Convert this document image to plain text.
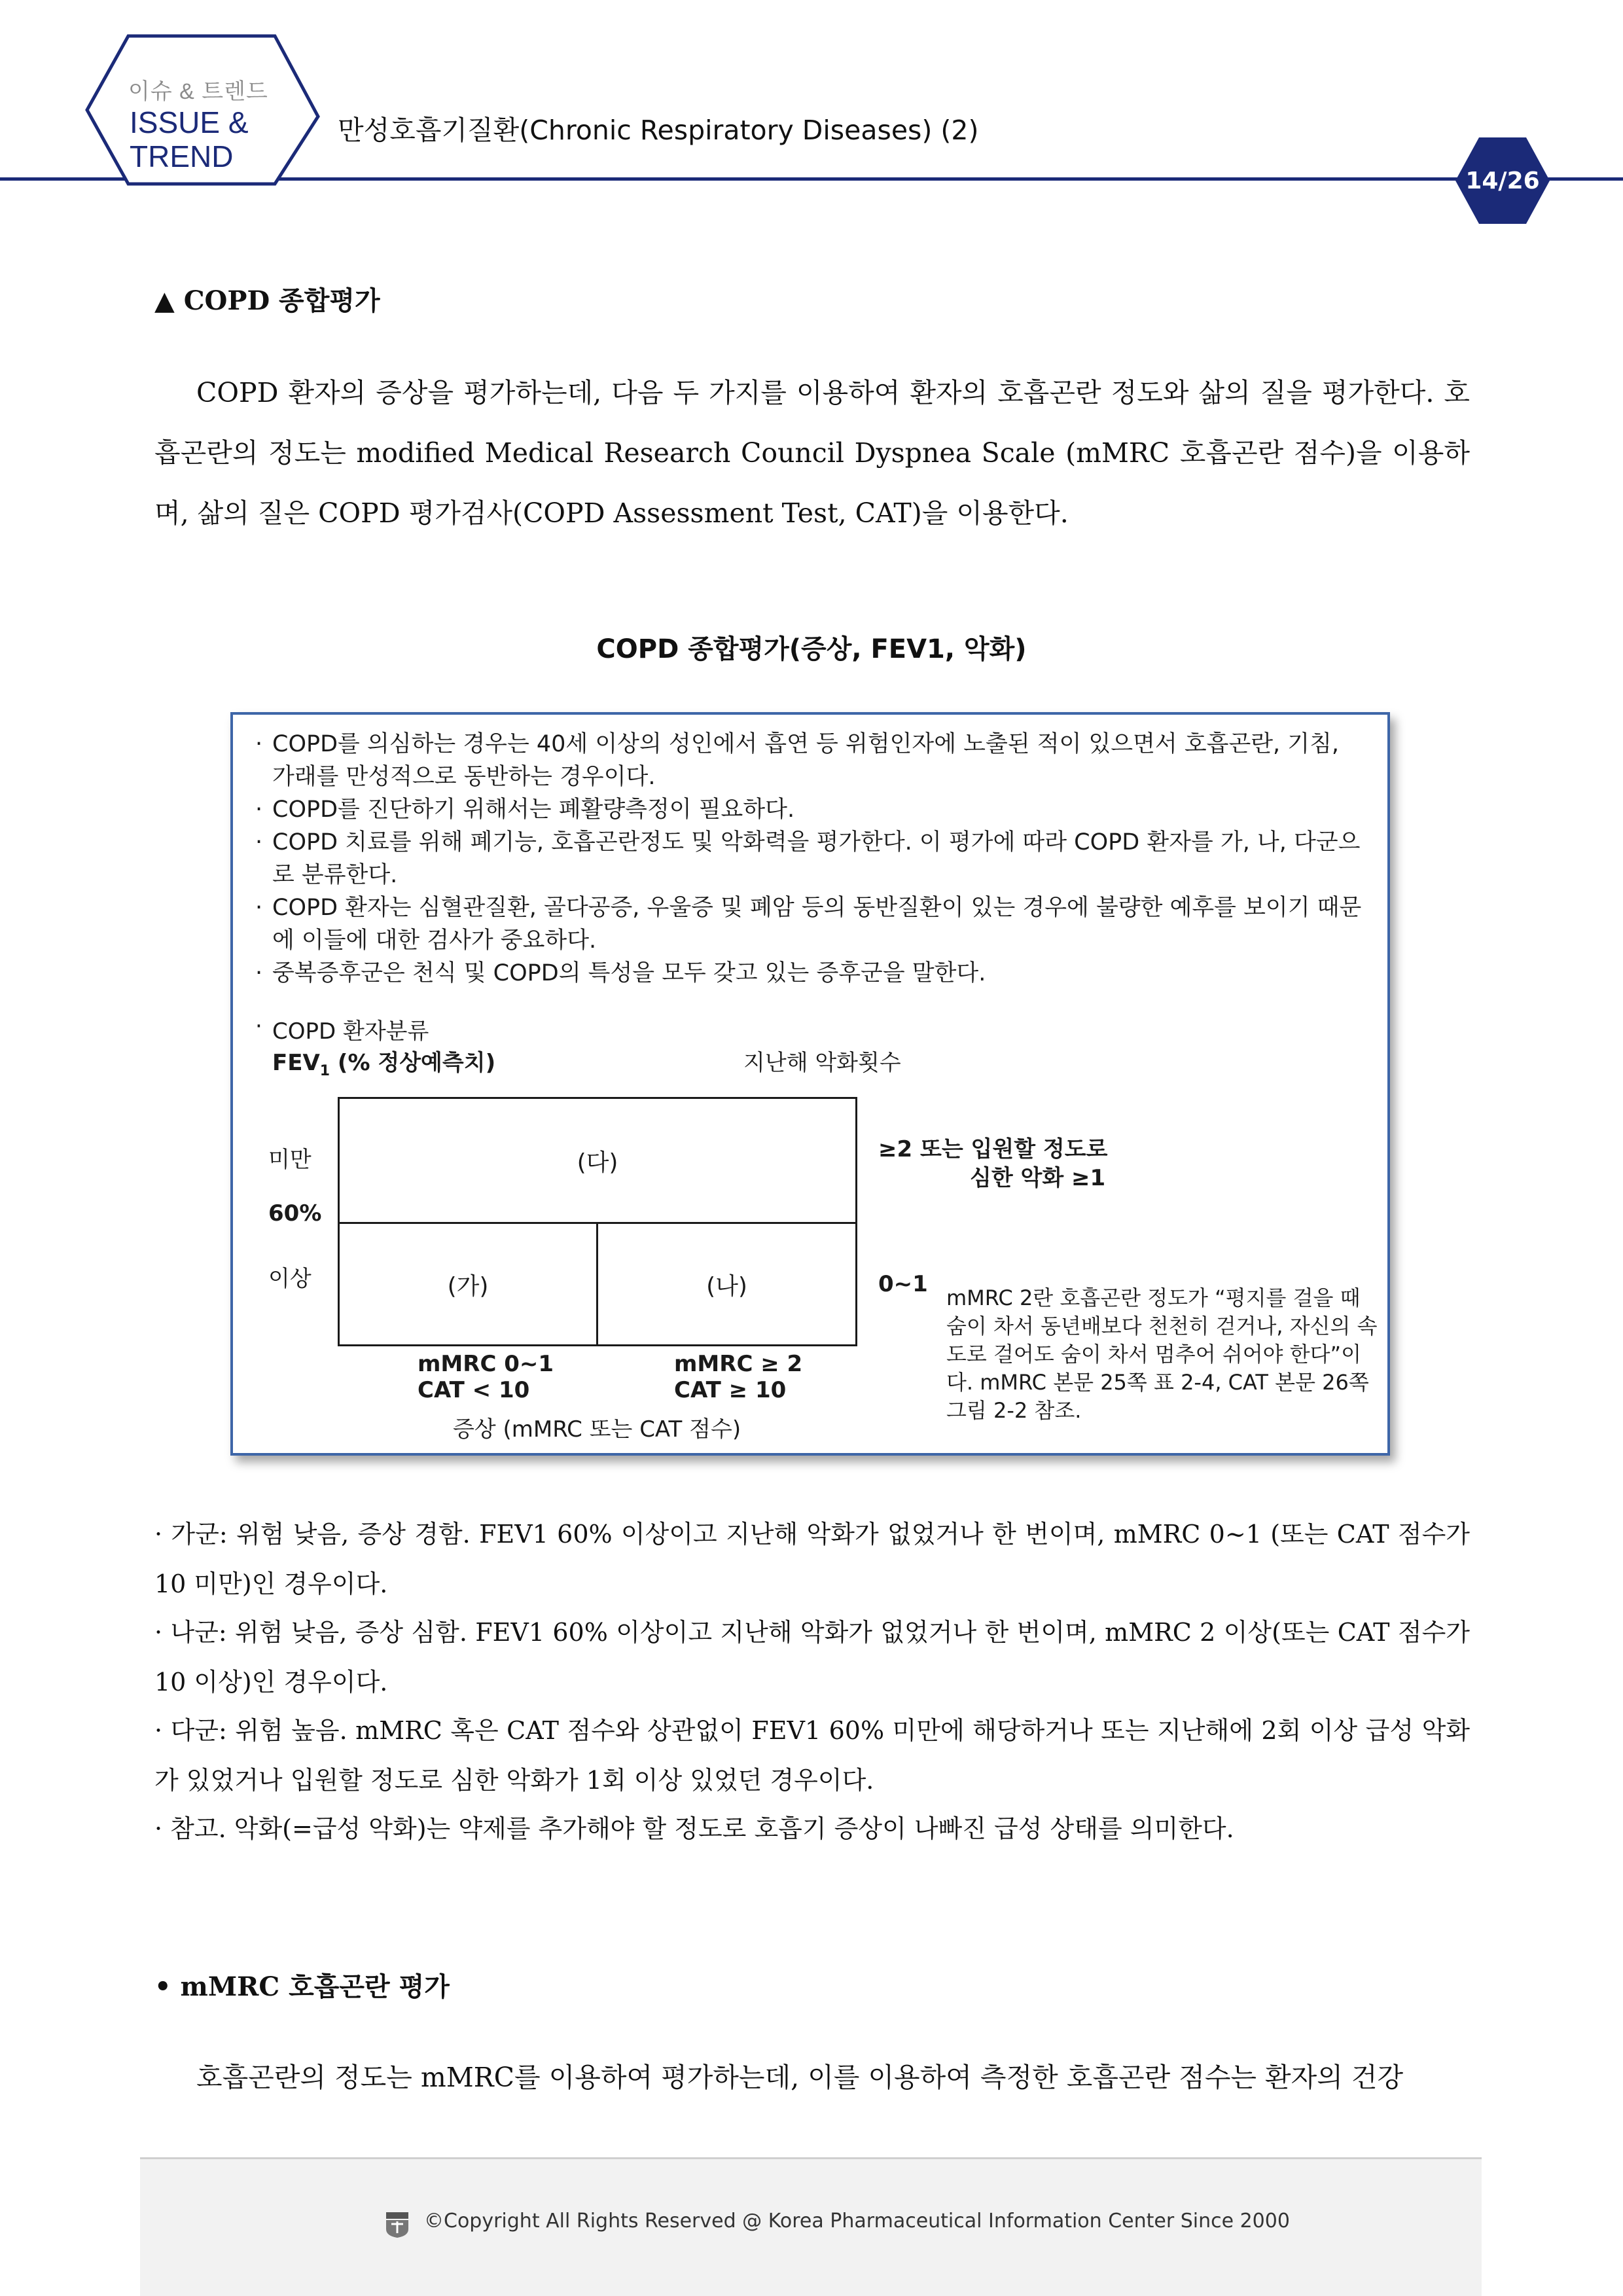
이슈 & 트렌드
ISSUE &
TREND
만성호흡기질환(Chronic Respiratory Diseases) (2)
14/26
▲ COPD 종합평가
COPD 환자의 증상을 평가하는데, 다음 두 가지를 이용하여 환자의 호흡곤란 정도와 삶의 질을 평가한다. 호흡곤란의 정도는 modified Medical Research Council Dyspnea Scale (mMRC 호흡곤란 점수)을 이용하며, 삶의 질은 COPD 평가검사(COPD Assessment Test, CAT)을 이용한다.
COPD 종합평가(증상, FEV1, 악화)
· COPD를 의심하는 경우는 40세 이상의 성인에서 흡연 등 위험인자에 노출된 적이 있으면서 호흡곤란, 기침, 가래를 만성적으로 동반하는 경우이다.
· COPD를 진단하기 위해서는 폐활량측정이 필요하다.
· COPD 치료를 위해 폐기능, 호흡곤란정도 및 악화력을 평가한다. 이 평가에 따라 COPD 환자를 가, 나, 다군으로 분류한다.
· COPD 환자는 심혈관질환, 골다공증, 우울증 및 폐암 등의 동반질환이 있는 경우에 불량한 예후를 보이기 때문에 이들에 대한 검사가 중요하다.
· 중복증후군은 천식 및 COPD의 특성을 모두 갖고 있는 증후군을 말한다.
· COPD 환자분류
$FEV_1$ (% 정상예측치)	지난해 악화횟수
미만
60%
이상
(다)
(가)	(나)
≥2 또는 입원할 정도로
심한 악화 ≥1
0~1
mMRC 0~1
CAT < 10
mMRC ≥ 2
CAT ≥ 10
증상 (mMRC 또는 CAT 점수)
mMRC 2란 호흡곤란 정도가 “평지를 걸을 때 숨이 차서 동년배보다 천천히 걷거나, 자신의 속도로 걸어도 숨이 차서 멈추어 쉬어야 한다”이다. mMRC 본문 25쪽 표 2-4, CAT 본문 26쪽 그림 2-2 참조.
· 가군: 위험 낮음, 증상 경함. FEV1 60% 이상이고 지난해 악화가 없었거나 한 번이며, mMRC 0~1 (또는 CAT 점수가 10 미만)인 경우이다.
· 나군: 위험 낮음, 증상 심함. FEV1 60% 이상이고 지난해 악화가 없었거나 한 번이며, mMRC 2 이상(또는 CAT 점수가 10 이상)인 경우이다.
· 다군: 위험 높음. mMRC 혹은 CAT 점수와 상관없이 FEV1 60% 미만에 해당하거나 또는 지난해에 2회 이상 급성 악화가 있었거나 입원할 정도로 심한 악화가 1회 이상 있었던 경우이다.
· 참고. 악화(=급성 악화)는 약제를 추가해야 할 정도로 호흡기 증상이 나빠진 급성 상태를 의미한다.
• mMRC 호흡곤란 평가
호흡곤란의 정도는 mMRC를 이용하여 평가하는데, 이를 이용하여 측정한 호흡곤란 점수는 환자의 건강
©Copyright All Rights Reserved @ Korea Pharmaceutical Information Center Since 2000
